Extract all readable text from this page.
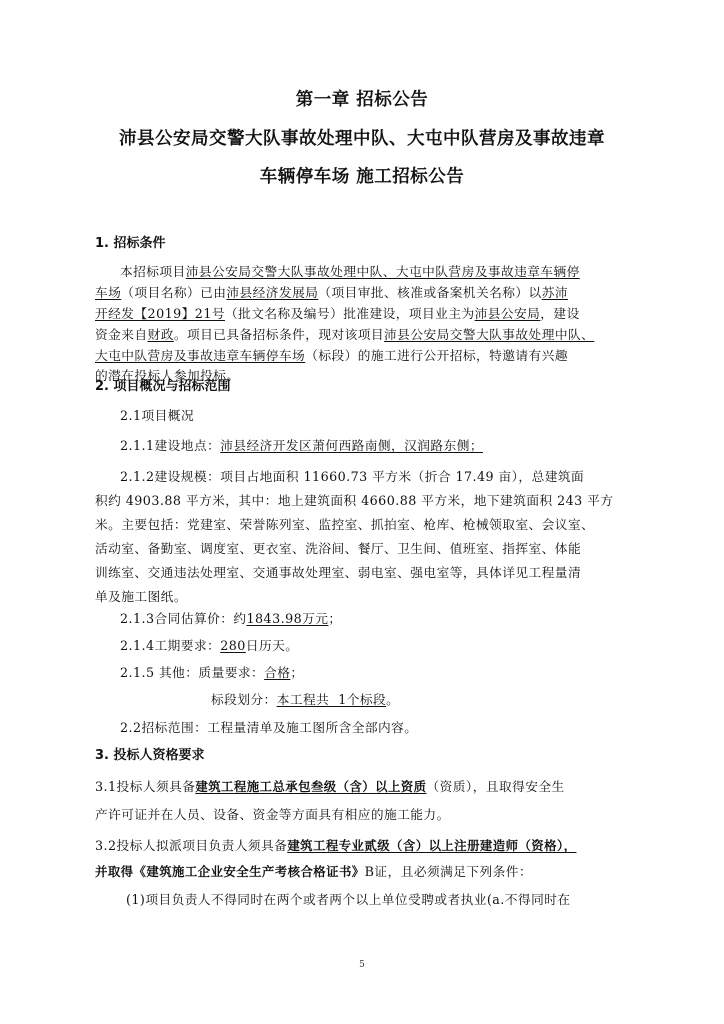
第一章 招标公告
沛县公安局交警大队事故处理中队、大屯中队营房及事故违章
车辆停车场 施工招标公告
1. 招标条件

本招标项目沛县公安局交警大队事故处理中队、大屯中队营房及事故违章车辆停

车场（项目名称）已由沛县经济发展局（项目审批、核准或备案机关名称）以苏沛

开经发【2019】21号（批文名称及编号）批准建设，项目业主为沛县公安局，建设

资金来自财政。项目已具备招标条件，现对该项目沛县公安局交警大队事故处理中队、

大屯中队营房及事故违章车辆停车场（标段）的施工进行公开招标，特邀请有兴趣

的潜在投标人参加投标。

2. 项目概况与招标范围

2.1项目概况

2.1.1建设地点：沛县经济开发区萧何西路南侧，汉润路东侧；

2.1.2建设规模：项目占地面积 11660.73 平方米（折合 17.49 亩），总建筑面

积约 4903.88 平方米，其中：地上建筑面积 4660.88 平方米，地下建筑面积 243 平方

米。主要包括：党建室、荣誉陈列室、监控室、抓拍室、枪库、枪械领取室、会议室、

活动室、备勤室、调度室、更衣室、洗浴间、餐厅、卫生间、值班室、指挥室、体能

训练室、交通违法处理室、交通事故处理室、弱电室、强电室等，具体详见工程量清

单及施工图纸。

2.1.3合同估算价：约1843.98万元；

2.1.4工期要求：280日历天。

2.1.5 其他：质量要求：合格；

标段划分：本工程共  1个标段。

2.2招标范围：工程量清单及施工图所含全部内容。

3. 投标人资格要求

3.1投标人须具备建筑工程施工总承包叁级（含）以上资质（资质），且取得安全生

产许可证并在人员、设备、资金等方面具有相应的施工能力。

3.2投标人拟派项目负责人须具备建筑工程专业贰级（含）以上注册建造师（资格），

并取得《建筑施工企业安全生产考核合格证书》B证，且必须满足下列条件：

(1)项目负责人不得同时在两个或者两个以上单位受聘或者执业(a.不得同时在

5
